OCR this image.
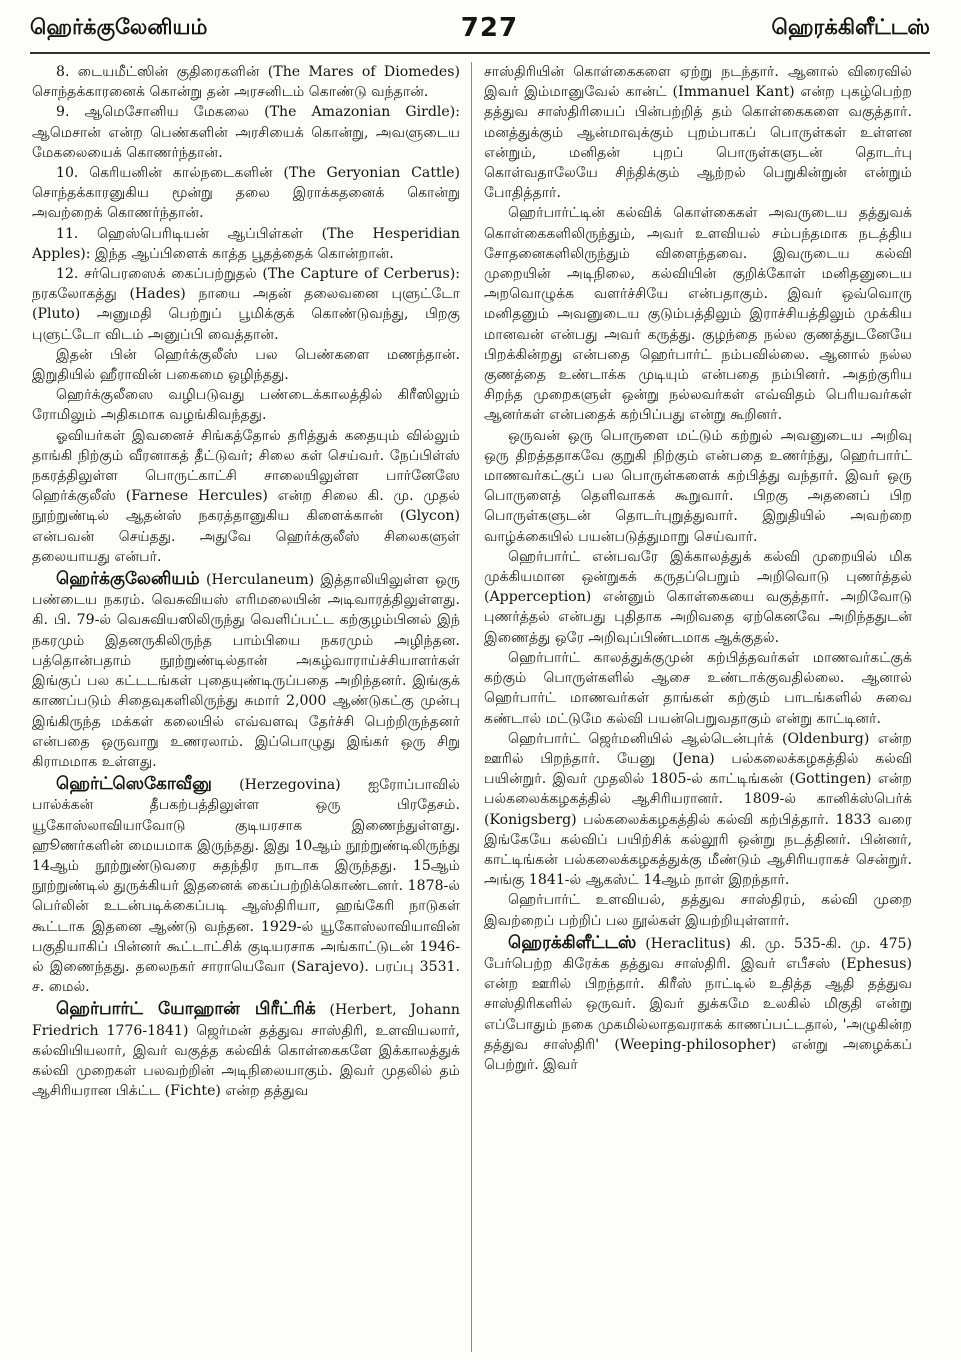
ஹெர்க்குலேனியம்	727	ஹெரக்கிளீட்டஸ்

8. டையமீட்ஸின் குதிரைகளின் (The Mares of Diomedes) சொந்தக்காரனைக் கொன்று தன் அரசனிடம் கொண்டு வந்தான்.

9. ஆமெசோனிய மேகலை (The Amazonian Girdle): ஆமெசான் என்ற பெண்களின் அரசியைக் கொன்று, அவளுடைய மேகலையைக் கொணர்ந்தான்.

10. கெரியனின் கால்நடைகளின் (The Geryonian Cattle) சொந்தக்காரனுகிய மூன்று தலை இராக்கதனைக் கொன்று அவற்றைக் கொணர்ந்தான்.

11. ஹெஸ்பெரிடியன் ஆப்பிள்கள் (The Hesperidian Apples): இந்த ஆப்பிளைக் காத்த பூதத்தைக் கொன்றான்.

12. சர்பெரஸைக் கைப்பற்றுதல் (The Capture of Cerberus): நரகலோகத்து (Hades) நாயை அதன் தலைவனை புளுட்டோ (Pluto) அனுமதி பெற்றுப் பூமிக்குக் கொண்டுவந்து, பிறகு புளுட்டோ விடம் அனுப்பி வைத்தான்.

இதன் பின் ஹெர்க்குலீஸ் பல பெண்களை மணந்தான். இறுதியில் ஹீராவின் பகைமை ஒழிந்தது.

ஹெர்க்குலீஸை வழிபடுவது பண்டைக்காலத்தில் கிரீஸிலும் ரோமிலும் அதிகமாக வழங்கிவந்தது.

ஓவியர்கள் இவனைச் சிங்கத்தோல் தரித்துக் கதையும் வில்லும் தாங்கி நிற்கும் வீரனாகத் தீட்டுவர்; சிலை கள் செய்வர். நேப்பிள்ஸ் நகரத்திலுள்ள பொருட்காட்சி சாலையிலுள்ள பார்னேஸே ஹெர்க்குலீஸ் (Farnese Hercules) என்ற சிலை கி. மு. முதல் நூற்றுண்டில் ஆதன்ஸ் நகரத்தானுகிய கிளைக்கான் (Glycon) என்பவன் செய்தது. அதுவே ஹெர்க்குலீஸ் சிலைகளுள் தலையாயது என்பர்.

ஹெர்க்குலேனியம் (Herculaneum) இத்தாலியிலுள்ள ஒரு பண்டைய நகரம். வெசுவியஸ் எரிமலையின் அடிவாரத்திலுள்ளது. கி. பி. 79-ல் வெசுவியஸிலிருந்து வெளிப்பட்ட கற்குழம்பினல் இந் நகரமும் இதனருகிலிருந்த பாம்பியை நகரமும் அழிந்தன. பத்தொன்பதாம் நூற்றுண்டில்தான் அகழ்வாராய்ச்சியாளர்கள் இங்குப் பல கட்டடங்கள் புதையுண்டிருப்பதை அறிந்தனர். இங்குக் காணப்படும் சிதைவுகளிலிருந்து சுமார் 2,000 ஆண்டுகட்கு முன்பு இங்கிருந்த மக்கள் கலையில் எவ்வளவு தேர்ச்சி பெற்றிருந்தனர் என்பதை ஒருவாறு உணரலாம். இப்பொழுது இங்கர் ஒரு சிறு கிராமமாக உள்ளது.

ஹெர்ட்ஸெகோவீனு (Herzegovina) ஐரோப்பாவில் பால்க்கன் தீபகற்பத்திலுள்ள ஒரு பிரதேசம். யூகோஸ்லாவியாவோடு குடியரசாக இணைந்துள்ளது. ஹூணர்களின் மையமாக இருந்தது. இது 10ஆம் நூற்றுண்டிலிருந்து 14ஆம் நூற்றுண்டுவரை சுதந்திர நாடாக இருந்தது. 15ஆம் நூற்றுண்டில் துருக்கியர் இதனைக் கைப்பற்றிக்கொண்டனர். 1878-ல் பெர்லின் உடன்படிக்கைப்படி ஆஸ்திரியா, ஹங்கேரி நாடுகள் கூட்டாக இதனை ஆண்டு வந்தன. 1929-ல் யூகோஸ்லாவியாவின் பகுதியாகிப் பின்னர் கூட்டாட்சிக் குடியரசாக அங்காட்டுடன் 1946-ல் இணைந்தது. தலைநகர் சாராயெவோ (Sarajevo). பரப்பு 3531. ச. மைல்.

ஹெர்பார்ட் யோஹான் பிரீட்ரிக் (Herbert, Johann Friedrich 1776-1841) ஜெர்மன் தத்துவ சாஸ்திரி, உளவியலார், கல்வியியலார், இவர் வகுத்த கல்விக் கொள்கைகளே இக்காலத்துக் கல்வி முறைகள் பலவற்றின் அடிநிலையாகும். இவர் முதலில் தம் ஆசிரியரான பிக்ட்ட (Fichte) என்ற தத்துவ

சாஸ்திரியின் கொள்கைகளை ஏற்று நடந்தார். ஆனால் விரைவில் இவர் இம்மானுவேல் கான்ட் (Immanuel Kant) என்ற புகழ்பெற்ற தத்துவ சாஸ்திரியைப் பின்பற்றித் தம் கொள்கைகளை வகுத்தார். மனத்துக்கும் ஆன்மாவுக்கும் புறம்பாகப் பொருள்கள் உள்ளன என்றும், மனிதன் புறப் பொருள்களுடன் தொடர்பு கொள்வதாலேயே சிந்திக்கும் ஆற்றல் பெறுகின்றுன் என்றும் போதித்தார்.

ஹெர்பார்ட்டின் கல்விக் கொள்கைகள் அவருடைய தத்துவக் கொள்கைகளிலிருந்தும், அவர் உளவியல் சம்பந்தமாக நடத்திய சோதனைகளிலிருந்தும் விளைந்தவை. இவருடைய கல்வி முறையின் அடிநிலை, கல்வியின் குறிக்கோள் மனிதனுடைய அறவொழுக்க வளர்ச்சியே என்பதாகும். இவர் ஒவ்வொரு மனிதனும் அவனுடைய குடும்பத்திலும் இராச்சியத்திலும் முக்கிய மானவன் என்பது அவர் கருத்து. குழந்தை நல்ல குணத்துடனேயே பிறக்கின்றது என்பதை ஹெர்பார்ட் நம்பவில்லை. ஆனால் நல்ல குணத்தை உண்டாக்க முடியும் என்பதை நம்பினர். அதற்குரிய சிறந்த முறைகளுள் ஒன்று நல்லவர்கள் எவ்விதம் பெரியவர்கள் ஆனர்கள் என்பதைக் கற்பிப்பது என்று கூறினர்.

ஒருவன் ஒரு பொருளை மட்டும் கற்றுல் அவனுடைய அறிவு ஒரு திறத்ததாகவே குறுகி நிற்கும் என்பதை உணர்ந்து, ஹெர்பார்ட் மாணவர்கட்குப் பல பொருள்களைக் கற்பித்து வந்தார். இவர் ஒரு பொருளைத் தெளிவாகக் கூறுவார். பிறகு அதனைப் பிற பொருள்களுடன் தொடர்புறுத்துவார். இறுதியில் அவற்றை வாழ்க்கையில் பயன்படுத்துமாறு செய்வார்.

ஹெர்பார்ட் என்பவரே இக்காலத்துக் கல்வி முறையில் மிக முக்கியமான ஒன்றுகக் கருதப்பெறும் அறிவொடு புணர்த்தல் (Apperception) என்னும் கொள்கையை வகுத்தார். அறிவோடு புணர்த்தல் என்பது புதிதாக அறிவதை ஏற்கெனவே அறிந்ததுடன் இணைத்து ஒரே அறிவுப்பிண்டமாக ஆக்குதல்.

ஹெர்பார்ட் காலத்துக்குமுன் கற்பித்தவர்கள் மாணவர்கட்குக் கற்கும் பொருள்களில் ஆசை உண்டாக்குவதில்லை. ஆனால் ஹெர்பார்ட் மாணவர்கள் தாங்கள் கற்கும் பாடங்களில் சுவை கண்டால் மட்டுமே கல்வி பயன்பெறுவதாகும் என்று காட்டினர்.

ஹெர்பார்ட் ஜெர்மனியில் ஆல்டென்புர்க் (Oldenburg) என்ற ஊரில் பிறந்தார். யேனு (Jena) பல்கலைக்கழகத்தில் கல்வி பயின்றுர். இவர் முதலில் 1805-ல் காட்டிங்கன் (Gottingen) என்ற பல்கலைக்கழகத்தில் ஆசிரியரானர். 1809-ல் கானிக்ஸ்பெர்க் (Konigsberg) பல்கலைக்கழகத்தில் கல்வி கற்பித்தார். 1833 வரை இங்கேயே கல்விப் பயிற்சிக் கல்லூரி ஒன்று நடத்தினர். பின்னர், காட்டிங்கன் பல்கலைக்கழகத்துக்கு மீண்டும் ஆசிரியராகச் சென்றுர். அங்கு 1841-ல் ஆகஸ்ட் 14ஆம் நாள் இறந்தார்.

ஹெர்பார்ட் உளவியல், தத்துவ சாஸ்திரம், கல்வி முறை இவற்றைப் பற்றிப் பல நூல்கள் இயற்றியுள்ளார்.

ஹெரக்கிளீட்டஸ் (Heraclitus) கி. மு. 535-கி. மு. 475) பேர்பெற்ற கிரேக்க தத்துவ சாஸ்திரி. இவர் எபீசஸ் (Ephesus) என்ற ஊரில் பிறந்தார். கிரீஸ் நாட்டில் உதித்த ஆதி தத்துவ சாஸ்திரிகளில் ஒருவர். இவர் துக்கமே உலகில் மிகுதி என்று எப்போதும் நகை முகமில்லாதவராகக் காணப்பட்டதால், 'அழுகின்ற தத்துவ சாஸ்திரி' (Weeping-philosopher) என்று அழைக்கப் பெற்றுர். இவர்
